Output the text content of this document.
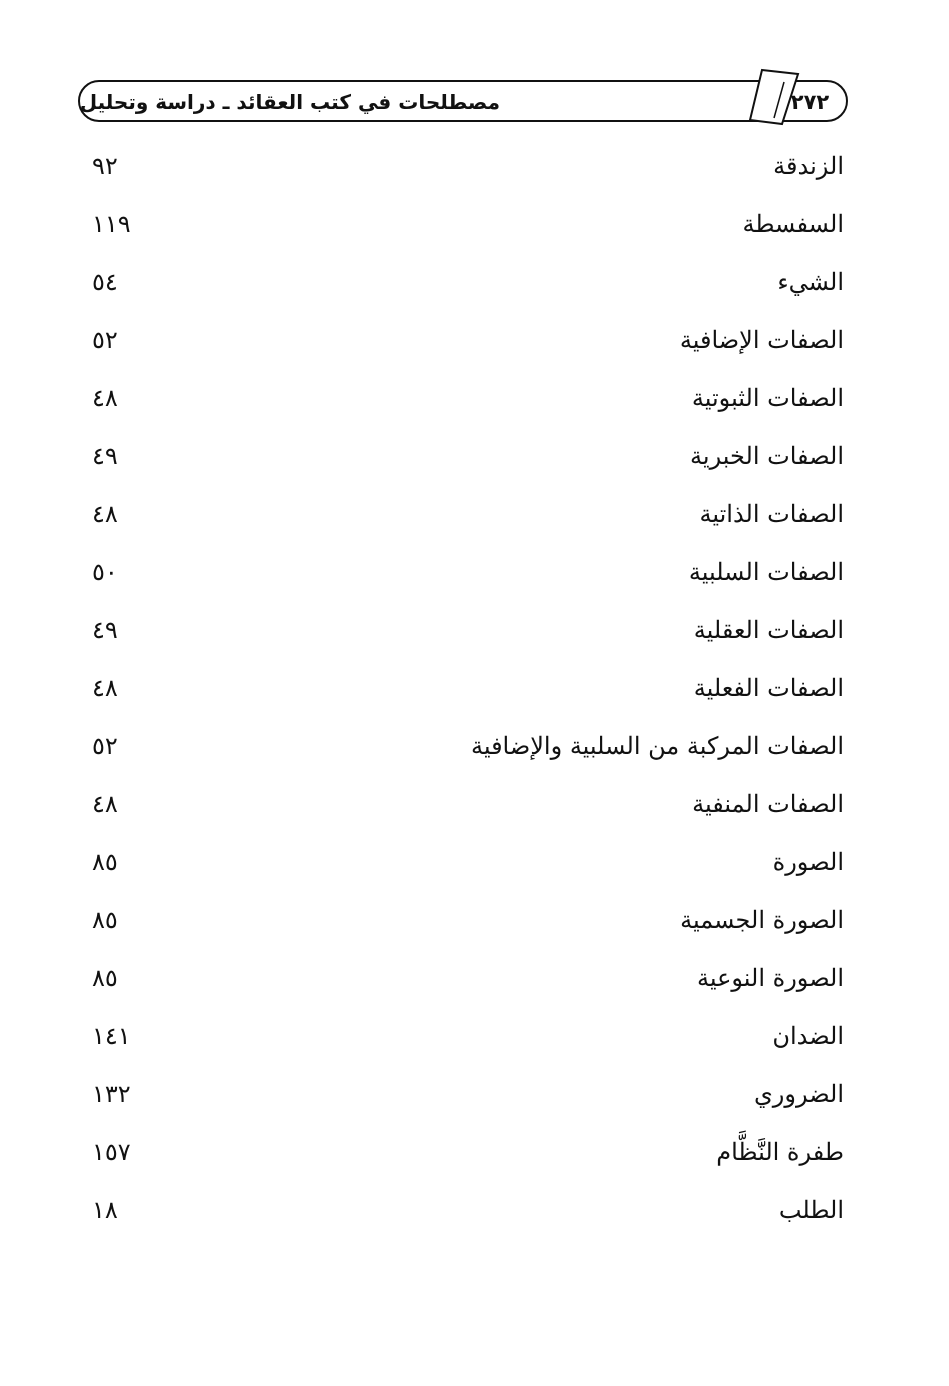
مصطلحات في كتب العقائد ـ دراسة وتحليل	٢٧٢
الزندقة
٩٢
السفسطة
١١٩
الشيء
٥٤
الصفات الإضافية
٥٢
الصفات الثبوتية
٤٨
الصفات الخبرية
٤٩
الصفات الذاتية
٤٨
الصفات السلبية
٥٠
الصفات العقلية
٤٩
الصفات الفعلية
٤٨
الصفات المركبة من السلبية والإضافية
٥٢
الصفات المنفية
٤٨
الصورة
٨٥
الصورة الجسمية
٨٥
الصورة النوعية
٨٥
الضدان
١٤١
الضروري
١٣٢
طفرة النَّظَّام
١٥٧
الطلب
١٨
